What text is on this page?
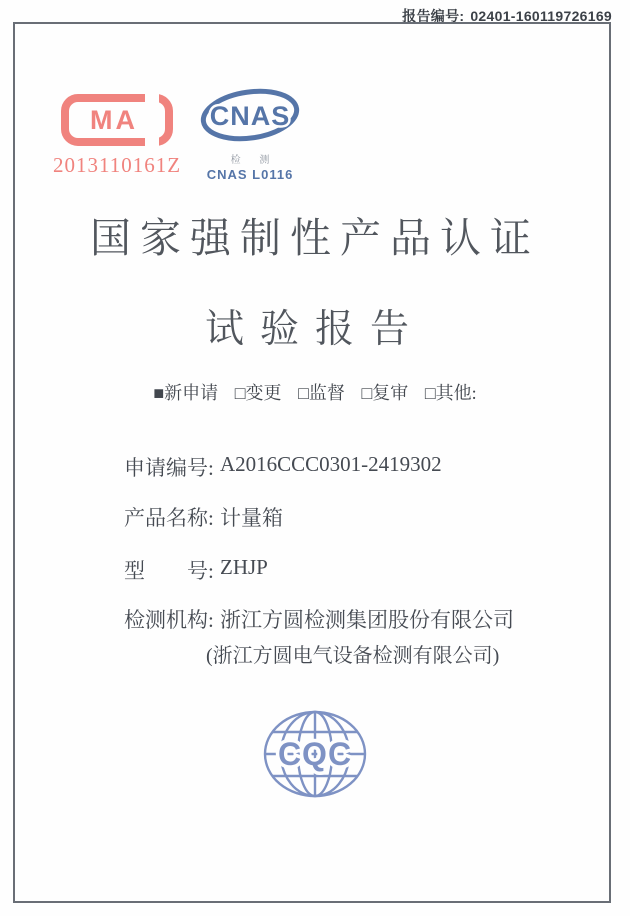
报告编号: 02401-160119726169
MA
2013110161Z
CNAS
检 测
CNAS L0116
国家强制性产品认证
试验报告
■新申请 □变更 □监督 □复审 □其他:
申请编号: A2016CCC0301-2419302
产品名称: 计量箱
型　　号: ZHJP
检测机构: 浙江方圆检测集团股份有限公司
(浙江方圆电气设备检测有限公司)
CQC
